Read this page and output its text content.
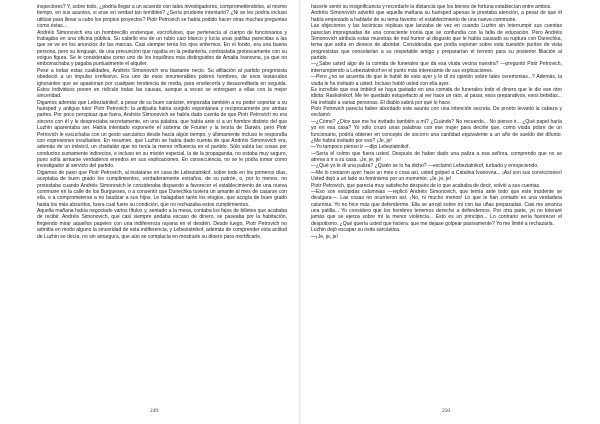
inspectores? Y, sobre todo, ¿podría llegar a un acuerdo con tales investigadores, comprometiéndolos, al mismo tiempo, en sus asuntos, si eran en verdad tan temibles? ¿Sería prudente intentarlo? ¿Ni se les podría incluso utilizar para llevar a cabo los propios proyectos? Piotr Petrovich se había podido hacer otras muchas preguntas como éstas...

Andréis Simonovich era un hombrecillo enclenque, escrofuloso, que pertenecía al cuerpo de funcionarios y trabajaba en una oficina pública. Su cabello era de un rubio casi blanco y lucía unas patillas parecidas a las que se ve en los anuncios de las marcas. Casi siempre tenía los ojos enfermos. En el fondo, era una buena persona, pero su lenguaje, de una presunción que rayaba en la pedantería, contrastaba grotescamente con su exiguo figura. Se le consideraba como uno de los inquilinos más distinguidos de Amalia Ivanovna, ya que no emborrachaba y pagaba puntualmente el alquiler.

Pese a todas estas cualidades, Andréis Simonovich era bastante necio. Su afiliación al partido progresista obedeció a un impulso irreflexivo. Era uno de esos innumerables pobres hombres, de esos testarudos ignorantes que se apasionan por cualquier tendencia de moda, para envilecerla y desacreditarla en seguida. Estos individuos ponen en ridículo todas las causas, aunque a veces se entreguen a ellas con la mejor sinceridad.

Digamos además que Lebeziatnikof, a pesar de su buen carácter, empezaba también a no poder soportar a su huésped y antiguo tutor Piotr Petrovich: la antipatía había surgido espontánea y recíprocamente por ambas partes. Por poco perspicaz que fuera, Andréis Simonovich se había dado cuenta de que Piotr Petrovich no era sincero con él y le despreciaba secretamente, en una palabra, que había ante sí a un hombre distinto del que Luzhin aparentaba ser. Había intentado exponerle el sistema de Fourier y la teoría de Darwin, pero Piotr Petrovich le escuchaba con un gesto sarcástico desde hacía algún tiempo, y últimamente incluso le respondía con expresiones insultantes. En resumen, que Luzhin se había dado cuenta de que Andréis Simonovich era, además de un imbécil, un charlatán que no tenía la menor influencia en el partido. Sólo sabía las cosas por conductos sumamente indirectos, e incluso en su misión especial, la de la propaganda, no estaba muy seguro, pues solía armarse verdaderos enredos en sus explicaciones. En consecuencia, no se le podía tomar como investigador al servicio del partido.

Digamos de paso que Piotr Petrovich, al instalarse en casa de Lebeziatnikof, sobre todo en los primeros días, aceptaba de buen grado los cumplimientos, verdaderamente extraños, de su patrón, o, por lo menos, no protestaba cuando Andréis Simonovich le consideraba dispuesto a favorecer el establecimiento de una nueva commune en la calle de los Burgueses, o a consentir que Dunechka tuviera un amante al mes de casarse con ella, o a comprometerse a no bautizar a sus hijos. Le halagaban tanto los elogios, que acogía de buen grado hasta los más absurdos, fuera cual fuere su condición, que no rechazaba estos cumplimientos.

Aquella mañana había negociado varios títulos y, sentado a la mesa, contaba los fajos de billetes que acababa de recibir. Andréis Simonovich, que casi siempre andaba escaso de dinero, se paseaba por la habitación, fingiendo mirar aquellos papeles con una indiferencia rayana en el desdén. Desde luego, Piotr Petrovich no admitía en modo alguno la sinceridad de esta indiferencia, y Lebeziatnikof, además de comprender esta actitud de Luzhin se decía, no sin amargura, que aún se complacía en mostrarle su dinero para mortificarle,

249

hacerle sentir su insignificancia y recordarle la distancia que los bienes de fortuna establecían entre ambos.

Andréis Simonovich advirtió que aquella mañana su huésped apenas le prestaba atención, a pesar de que él había empezado a hablarle de su tema favorito: el establecimiento de una nueva commune.

Las objeciones y las lacónicas réplicas que lanzaba de vez en cuando Luzhin sin interrumpir sus cuentas parecían impregnadas de una consciente ironía que se confundía con la falta de educación. Pero Andréis Simonovich atribuía estas muestras de mal humor al disgusto que le había causado su ruptura con Dunechka, tema que ardía en deseos de abordar. Consideraba que podía exponer sobre esta cuestión puntos de vista progresistas que consolarían a su respetable amigo y prepararían el terreno para su posterior filiación al partido.

—¿Sabe usted algo de la comida de funerales que da esa viuda vecina nuestra? —preguntó Piotr Petrovich, interrumpiendo a Lebeziatnikof en el punto más interesante de sus explicaciones.

—Pero ¿no se acuerda de que le hablé de esto ayer y le di mi opinión sobre tales ceremonias...? Además, la viuda le ha invitado a usted. Incluso habló usted con ella ayer.

Es increíble que esa imbécil se haya gastado en una comida de funerales todo el dinero que le dio ese otro idiota: Raskolnikof. Me he quedado estupefacto al ver hace un rato, al pasar, esos preparativos, esos bebidas... Ha invitado a varias personas. El diablo sabrá por qué lo hace.

Piotr Petrovich parecía haber abordado este asunto con una intención secreta. De pronto levantó la cabeza y exclamó:

—¿Cómo? ¿Dice que me ha invitado también a mí? ¿Cuándo? No recuerdo... No pienso ir... ¿Qué papel haría yo en esa casa? Yo sólo cruzo unas palabras con ese mujer para decirle que, como viuda pobre de un funcionario, podría obtener en concepto de socorro una cantidad equivalente a un año de sueldo del difunto. ¿Me habrá invitado por eso? ¡Je, je!

—Yo tampoco pienso ir —dijo Lebeziatnikof.

—Sería el colmo que fuera usted. Después de haber dado una paliza a esa señora, comprendo que no se atreva a ir a su casa. ¡Je, je, je!

—¿Qué yo le di una paliza? ¿Quién se lo ha dicho? —exclamó Lebeziatnikof, turbado y enrojeciendo.

—Me lo contaron ayer: hace un mes o cosa así, usted golpeó a Catalina Ivanovna... ¡Así son sus convicciones! Usted dejó a un lado su feminismo por un momento. ¡Je, je, je!

Piotr Petrovich, que parecía muy satisfecho después de lo que acababa de decir, volvió a sus cuentas.

—Eso son estúpidas calumnias —replicó Andréis Simonovich, que temía ante todo que este incidente se divulgara—. Las cosas no ocurrieron así. ¡No, ni mucho menos! Lo que le han contado es una verdadera calumnia. Yo no hice más que defenderme. Ella se arrojó sobre mí con las uñas preparadas. Casi me arranca una patilla... Yo considero que los hombres tenemos derecho a defendernos. Por otra parte, yo no toleraré jamás que se ejerza sobre mí la menor violencia... Esto es un principio... Lo contrario sería favorecer el despotismo. ¿Qué quería usted que hiciera: que me dejase golpear pasivamente? Yo me limité a rechazarla.

Luzhin dejó escapar su risita sarcástica.

—¡Je, je, je!

250
